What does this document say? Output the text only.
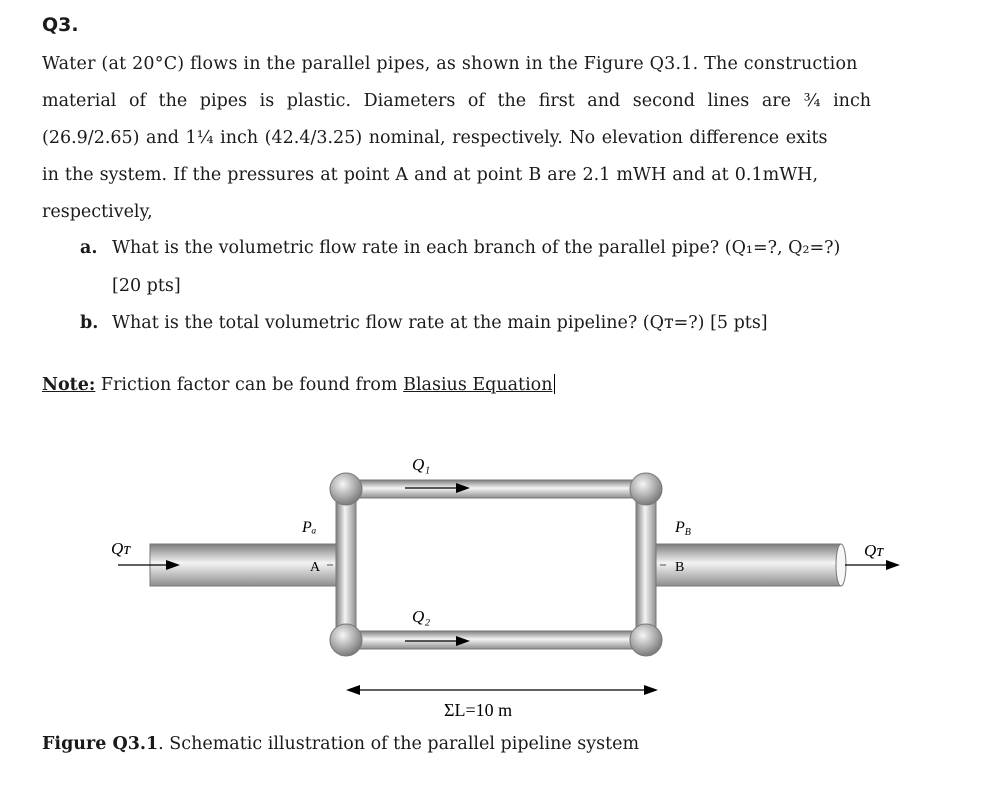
Q3.
Water (at 20°C) flows in the parallel pipes, as shown in the Figure Q3.1. The construction
material of the pipes is plastic. Diameters of the first and second lines are ¾ inch
(26.9/2.65) and 1¼ inch (42.4/3.25) nominal, respectively. No elevation difference exits
in the system. If the pressures at point A and at point B are 2.1 mWH and at 0.1mWH,
respectively,
a. What is the volumetric flow rate in each branch of the parallel pipe? (Q₁=?, Q₂=?)
[20 pts]
b. What is the total volumetric flow rate at the main pipeline? (Qᴛ=?) [5 pts]
Note: Friction factor can be found from Blasius Equation
Q₁
Q₂
Qᴛ	Qᴛ
Pₐ	PB
A	B
ΣL=10 m
Figure Q3.1. Schematic illustration of the parallel pipeline system
